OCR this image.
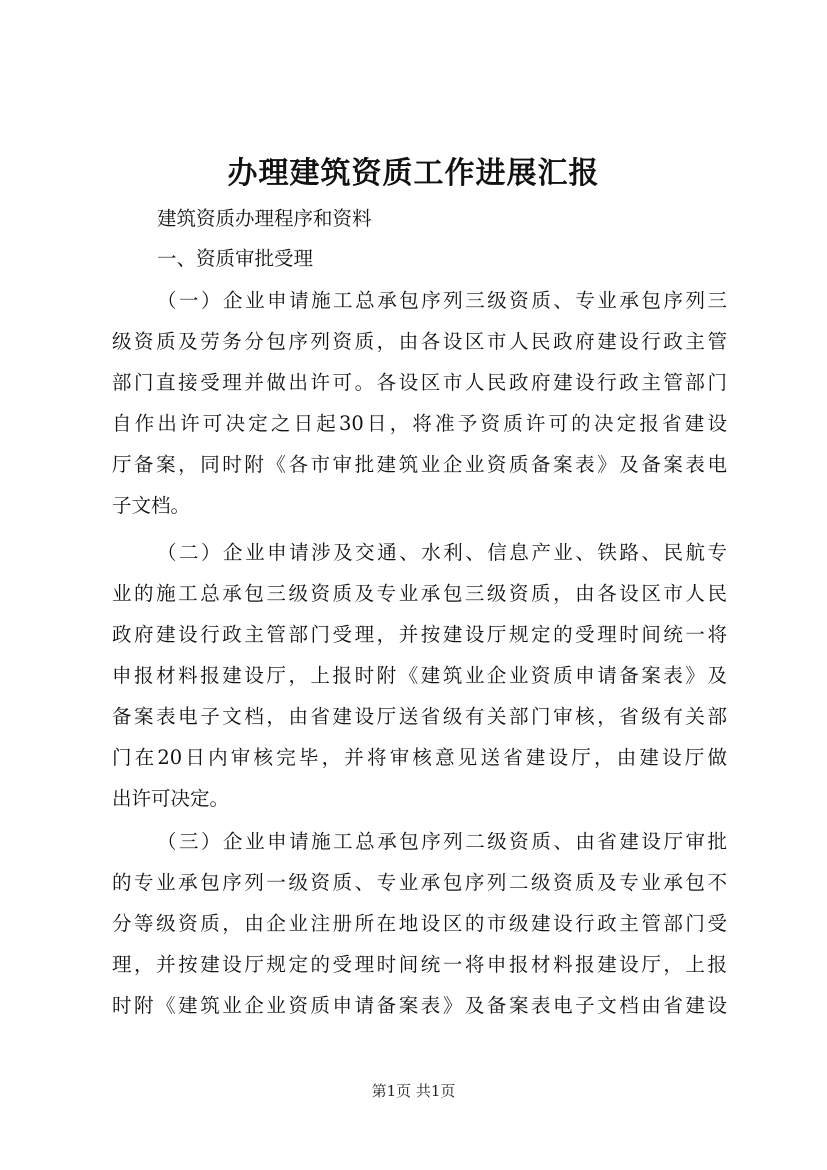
办理建筑资质工作进展汇报
建筑资质办理程序和资料
一、资质审批受理
（一）企业申请施工总承包序列三级资质、专业承包序列三
级资质及劳务分包序列资质，由各设区市人民政府建设行政主管
部门直接受理并做出许可。各设区市人民政府建设行政主管部门
自作出许可决定之日起30日，将准予资质许可的决定报省建设
厅备案，同时附《各市审批建筑业企业资质备案表》及备案表电
子文档。
（二）企业申请涉及交通、水利、信息产业、铁路、民航专
业的施工总承包三级资质及专业承包三级资质，由各设区市人民
政府建设行政主管部门受理，并按建设厅规定的受理时间统一将
申报材料报建设厅，上报时附《建筑业企业资质申请备案表》及
备案表电子文档，由省建设厅送省级有关部门审核，省级有关部
门在20日内审核完毕，并将审核意见送省建设厅，由建设厅做
出许可决定。
（三）企业申请施工总承包序列二级资质、由省建设厅审批
的专业承包序列一级资质、专业承包序列二级资质及专业承包不
分等级资质，由企业注册所在地设区的市级建设行政主管部门受
理，并按建设厅规定的受理时间统一将申报材料报建设厅，上报
时附《建筑业企业资质申请备案表》及备案表电子文档由省建设
第1页 共1页
